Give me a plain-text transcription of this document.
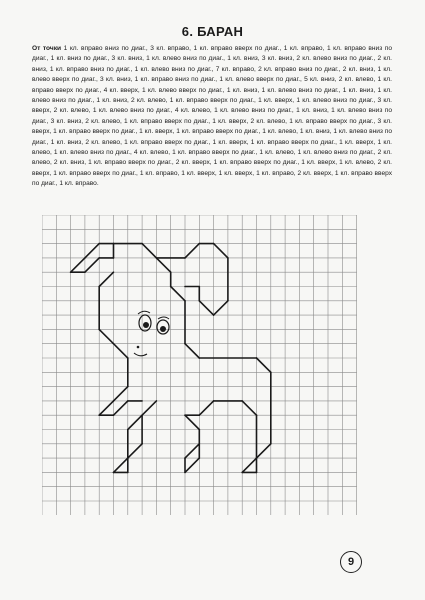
6. БАРАН

От точки 1 кл. вправо вниз по диаг., 3 кл. вправо, 1 кл. вправо вверх по диаг., 1 кл. вправо, 1 кл. вправо вниз по диаг., 1 кл. вниз по диаг., 3 кл. вниз, 1 кл. влево вниз по диаг., 1 кл. вниз, 3 кл. вниз, 2 кл. влево вниз по диаг., 2 кл. вниз, 1 кл. вправо вниз по диаг., 1 кл. влево вниз по диаг., 7 кл. вправо, 2 кл. вправо вниз по диаг., 2 кл. вниз, 1 кл. влево вверх по диаг., 3 кл. вниз, 1 кл. вправо вниз по диаг., 1 кл. влево вверх по диаг., 5 кл. вниз, 2 кл. влево, 1 кл. вправо вверх по диаг., 4 кл. вверх, 1 кл. влево вверх по диаг., 1 кл. вниз, 1 кл. влево вниз по диаг., 1 кл. вниз, 1 кл. влево вниз по диаг., 1 кл. вниз, 2 кл. влево, 1 кл. вправо вверх по диаг., 1 кл. вверх, 1 кл. влево вниз по диаг., 3 кл. вверх, 2 кл. влево, 1 кл. влево вниз по диаг., 4 кл. влево, 1 кл. влево вниз по диаг., 1 кл. вниз, 1 кл. влево вниз по диаг., 3 кл. вниз, 2 кл. влево, 1 кл. вправо вверх по диаг., 1 кл. вверх, 2 кл. влево, 1 кл. вправо вверх по диаг., 3 кл. вверх, 1 кл. вправо вверх по диаг., 1 кл. вверх, 1 кл. вправо вверх по диаг., 1 кл. влево, 1 кл. вниз, 1 кл. влево вниз по диаг., 1 кл. вниз, 2 кл. влево, 1 кл. вправо вверх по диаг., 1 кл. вверх, 1 кл. вправо вверх по диаг., 1 кл. вверх, 1 кл. влево, 1 кл. влево вниз по диаг., 4 кл. влево, 1 кл. вправо вверх по диаг., 1 кл. влево, 1 кл. влево вниз по диаг., 2 кл. влево, 2 кл. вниз, 1 кл. вправо вверх по диаг., 2 кл. вверх, 1 кл. вправо вверх по диаг., 1 кл. вверх, 1 кл. влево, 2 кл. вверх, 1 кл. вправо вверх по диаг., 1 кл. вправо, 1 кл. вверх, 1 кл. вверх, 1 кл. вправо, 2 кл. вверх, 1 кл. вправо вверх по диаг., 1 кл. вправо.

9
